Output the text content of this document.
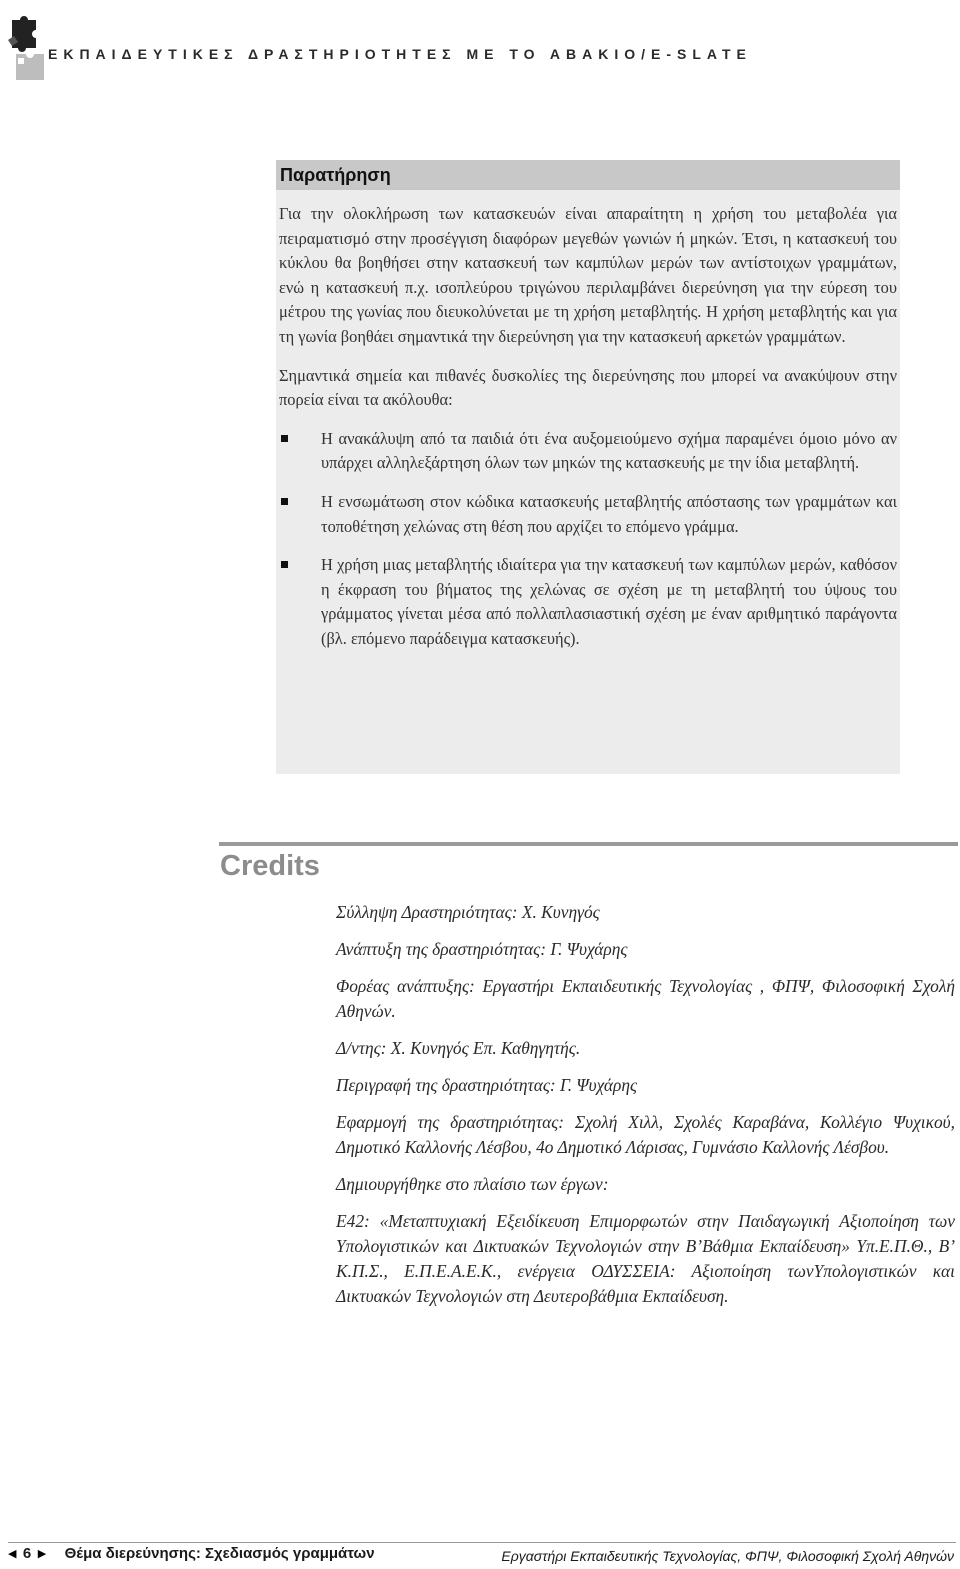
ΕΚΠΑΙΔΕΥΤΙΚΕΣ ΔΡΑΣΤΗΡΙΟΤΗΤΕΣ ΜΕ ΤΟ ΑΒΑΚΙΟ/E-SLATE
Παρατήρηση

Για την ολοκλήρωση των κατασκευών είναι απαραίτητη η χρήση του μεταβολέα για πειραματισμό στην προσέγγιση διαφόρων μεγεθών γωνιών ή μηκών. Έτσι, η κατασκευή του κύκλου θα βοηθήσει στην κατασκευή των καμπύλων μερών των αντίστοιχων γραμμάτων, ενώ η κατασκευή π.χ. ισοπλεύρου τριγώνου περιλαμβάνει διερεύνηση για την εύρεση του μέτρου της γωνίας που διευκολύνεται με τη χρήση μεταβλητής. Η χρήση μεταβλητής και για τη γωνία βοηθάει σημαντικά την διερεύνηση για την κατασκευή αρκετών γραμμάτων.

Σημαντικά σημεία και πιθανές δυσκολίες της διερεύνησης που μπορεί να ανακύψουν στην πορεία είναι τα ακόλουθα:

Η ανακάλυψη από τα παιδιά ότι ένα αυξομειούμενο σχήμα παραμένει όμοιο μόνο αν υπάρχει αλληλεξάρτηση όλων των μηκών της κατασκευής με την ίδια μεταβλητή.
Η ενσωμάτωση στον κώδικα κατασκευής μεταβλητής απόστασης των γραμμάτων και τοποθέτηση χελώνας στη θέση που αρχίζει το επόμενο γράμμα.
Η χρήση μιας μεταβλητής ιδιαίτερα για την κατασκευή των καμπύλων μερών, καθόσον η έκφραση του βήματος της χελώνας σε σχέση με τη μεταβλητή του ύψους του γράμματος γίνεται μέσα από πολλαπλασιαστική σχέση με έναν αριθμητικό παράγοντα (βλ. επόμενο παράδειγμα κατασκευής).
Credits

Σύλληψη Δραστηριότητας: Χ. Κυνηγός

Ανάπτυξη της δραστηριότητας: Γ. Ψυχάρης

Φορέας ανάπτυξης: Εργαστήρι Εκπαιδευτικής Τεχνολογίας , ΦΠΨ, Φιλοσοφική Σχολή Αθηνών.

Δ/ντης: Χ. Κυνηγός Επ. Καθηγητής.

Περιγραφή της δραστηριότητας: Γ. Ψυχάρης

Εφαρμογή της δραστηριότητας: Σχολή Χιλλ, Σχολές Καραβάνα, Κολλέγιο Ψυχικού, Δημοτικό Καλλονής Λέσβου, 4ο Δημοτικό Λάρισας, Γυμνάσιο Καλλονής Λέσβου.

Δημιουργήθηκε στο πλαίσιο των έργων:

Ε42: «Μεταπτυχιακή Εξειδίκευση Επιμορφωτών στην Παιδαγωγική Αξιοποίηση των Υπολογιστικών και Δικτυακών Τεχνολογιών στην Β’Βάθμια Εκπαίδευση» Υπ.Ε.Π.Θ., Β’ Κ.Π.Σ., Ε.Π.Ε.Α.Ε.Κ., ενέργεια ΟΔΥΣΣΕΙΑ: Αξιοποίηση τωνΥπολογιστικών και Δικτυακών Τεχνολογιών στη Δευτεροβάθμια Εκπαίδευση.

◀ 6 ▶ Θέμα διερεύνησης: Σχεδιασμός γραμμάτων	Εργαστήρι Εκπαιδευτικής Τεχνολογίας, ΦΠΨ, Φιλοσοφική Σχολή Αθηνών
